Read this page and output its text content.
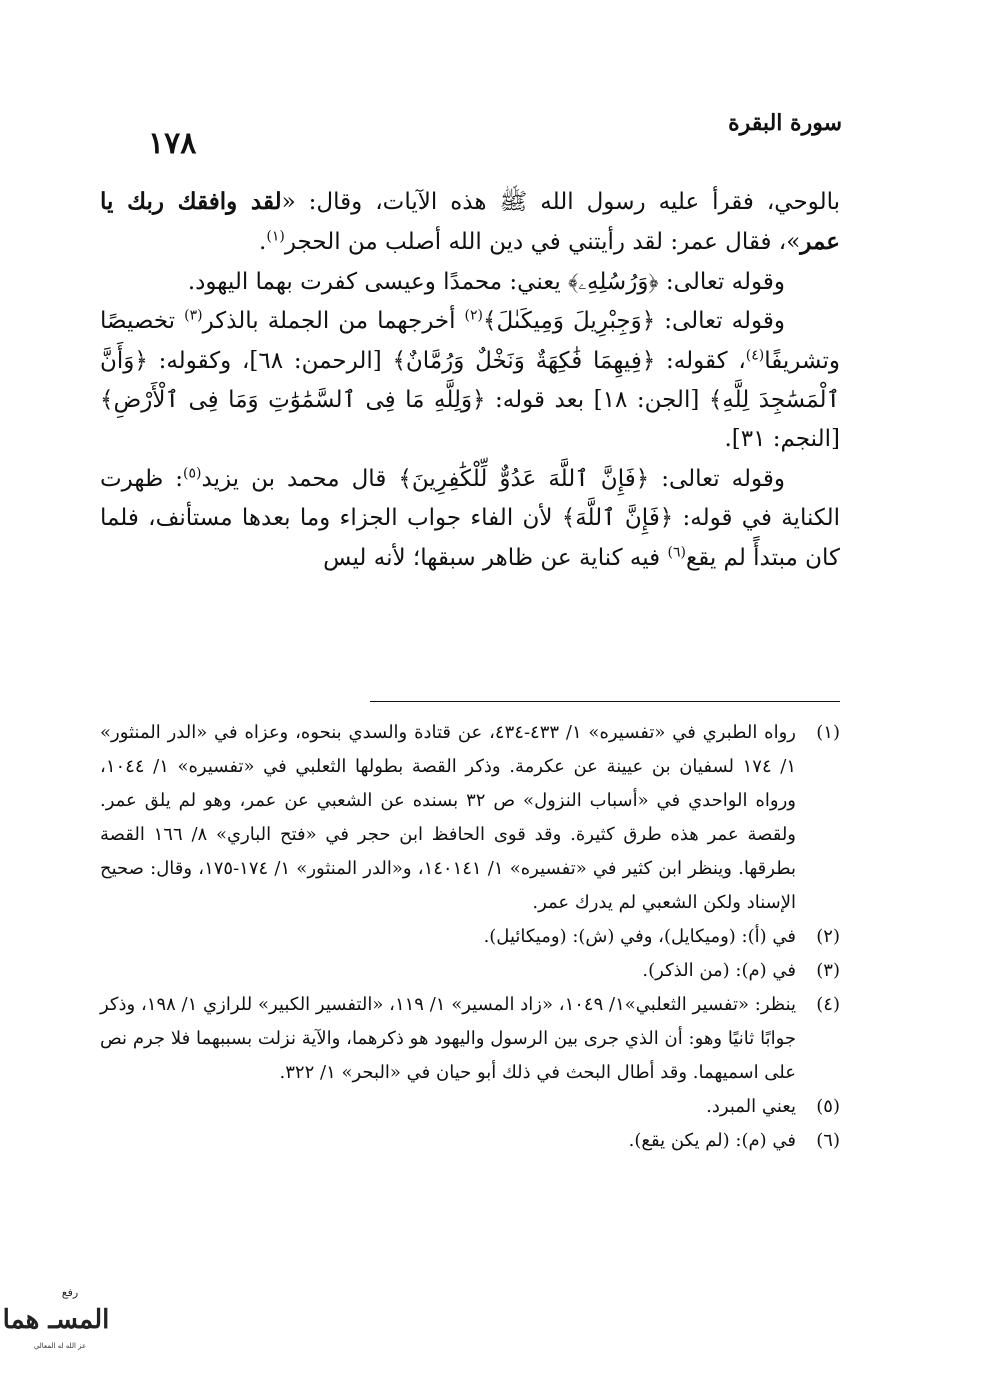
سورة البقرة
١٧٨

بالوحي، فقرأ عليه رسول الله ﷺ هذه الآيات، وقال: «لقد وافقك ربك يا عمر»، فقال عمر: لقد رأيتني في دين الله أصلب من الحجر$^{(١)}$.

وقوله تعالى: ﴿وَرُسُلِهِۦ﴾ يعني: محمدًا وعيسى كفرت بهما اليهود.

وقوله تعالى: ﴿وَجِبْرِيلَ وَمِيكَىٰلَ﴾$^{(٢)}$ أخرجهما من الجملة بالذكر$^{(٣)}$ تخصيصًا وتشريفًا$^{(٤)}$، كقوله: ﴿فِيهِمَا فَٰكِهَةٌ وَنَخْلٌ وَرُمَّانٌ﴾ [الرحمن: ٦٨]، وكقوله: ﴿وَأَنَّ ٱلْمَسَٰجِدَ لِلَّهِ﴾ [الجن: ١٨] بعد قوله: ﴿وَلِلَّهِ مَا فِى ٱلسَّمَٰوَٰتِ وَمَا فِى ٱلْأَرْضِ﴾ [النجم: ٣١].

وقوله تعالى: ﴿فَإِنَّ ٱللَّهَ عَدُوٌّ لِّلْكَٰفِرِينَ﴾ قال محمد بن يزيد$^{(٥)}$: ظهرت الكناية في قوله: ﴿فَإِنَّ ٱللَّهَ﴾ لأن الفاء جواب الجزاء وما بعدها مستأنف، فلما كان مبتدأً لم يقع$^{(٦)}$ فيه كناية عن ظاهر سبقها؛ لأنه ليس

(١)
رواه الطبري في «تفسيره» ١/ ٤٣٣-٤٣٤، عن قتادة والسدي بنحوه، وعزاه في «الدر المنثور» ١/ ١٧٤ لسفيان بن عيينة عن عكرمة. وذكر القصة بطولها الثعلبي في «تفسيره» ١/ ١٠٤٤، ورواه الواحدي في «أسباب النزول» ص ٣٢ بسنده عن الشعبي عن عمر، وهو لم يلق عمر. ولقصة عمر هذه طرق كثيرة. وقد قوى الحافظ ابن حجر في «فتح الباري» ٨/ ١٦٦ القصة بطرقها. وينظر ابن كثير في «تفسيره» ١/ ١٤٠١٤١، و«الدر المنثور» ١/ ١٧٤-١٧٥، وقال: صحيح الإسناد ولكن الشعبي لم يدرك عمر.
(٢)
في (أ): (وميكايل)، وفي (ش): (وميكائيل).
(٣)
في (م): (من الذكر).
(٤)
ينظر: «تفسير الثعلبي»١/ ١٠٤٩، «زاد المسير» ١/ ١١٩، «التفسير الكبير» للرازي ١/ ١٩٨، وذكر جوابًا ثانيًا وهو: أن الذي جرى بين الرسول واليهود هو ذكرهما، والآية نزلت بسببهما فلا جرم نص على اسميهما. وقد أطال البحث في ذلك أبو حيان في «البحر» ١/ ٣٢٢.
(٥)
يعني المبرد.
(٦)
في (م): (لم يكن يقع).
رفع
المسـ هما
عز الله له المعالي
